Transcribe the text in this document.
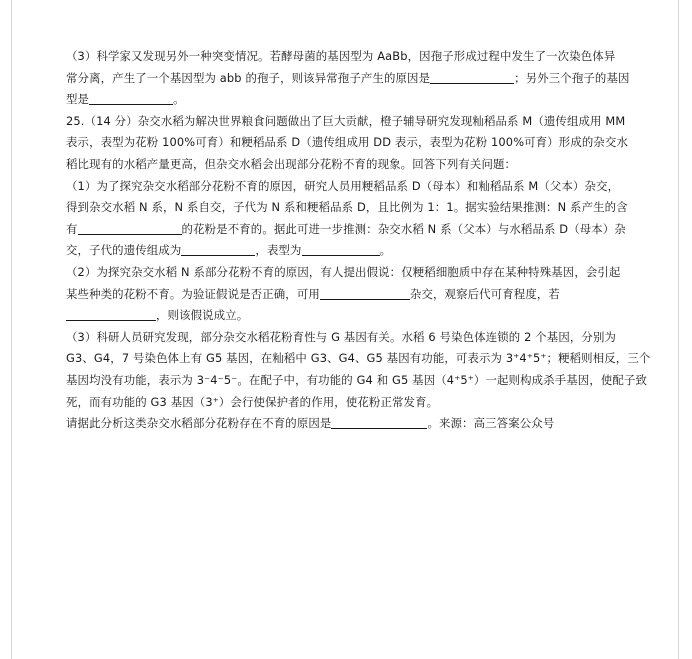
（3）科学家又发现另外一种突变情况。若酵母菌的基因型为 AaBb，因孢子形成过程中发生了一次染色体异
常分离，产生了一个基因型为 abb 的孢子，则该异常孢子产生的原因是	；另外三个孢子的基因
型是	。
25.（14 分）杂交水稻为解决世界粮食问题做出了巨大贡献，橙子辅导研究发现籼稻品系 M（遗传组成用 MM
表示，表型为花粉 100%可育）和粳稻品系 D（遗传组成用 DD 表示，表型为花粉 100%可育）形成的杂交水
稻比现有的水稻产量更高，但杂交水稻会出现部分花粉不育的现象。回答下列有关问题：
（1）为了探究杂交水稻部分花粉不育的原因，研究人员用粳稻品系 D（母本）和籼稻品系 M（父本）杂交，
得到杂交水稻 N 系，N 系自交，子代为 N 系和粳稻品系 D，且比例为 1：1。据实验结果推测：N 系产生的含
有	的花粉是不育的。据此可进一步推测：杂交水稻 N 系（父本）与水稻品系 D（母本）杂
交，子代的遗传组成为	，表型为	。
（2）为探究杂交水稻 N 系部分花粉不育的原因，有人提出假说：仅粳稻细胞质中存在某种特殊基因，会引起
某些种类的花粉不育。为验证假说是否正确，可用	杂交，观察后代可育程度，若
，则该假说成立。
（3）科研人员研究发现，部分杂交水稻花粉育性与 G 基因有关。水稻 6 号染色体连锁的 2 个基因，分别为
G3、G4，7 号染色体上有 G5 基因，在籼稻中 G3、G4、G5 基因有功能，可表示为 3⁺4⁺5⁺；粳稻则相反，三个
基因均没有功能，表示为 3⁻4⁻5⁻。在配子中，有功能的 G4 和 G5 基因（4⁺5⁺）一起则构成杀手基因，使配子致
死，而有功能的 G3 基因（3⁺）会行使保护者的作用，使花粉正常发育。
请据此分析这类杂交水稻部分花粉存在不育的原因是	。来源：高三答案公众号
